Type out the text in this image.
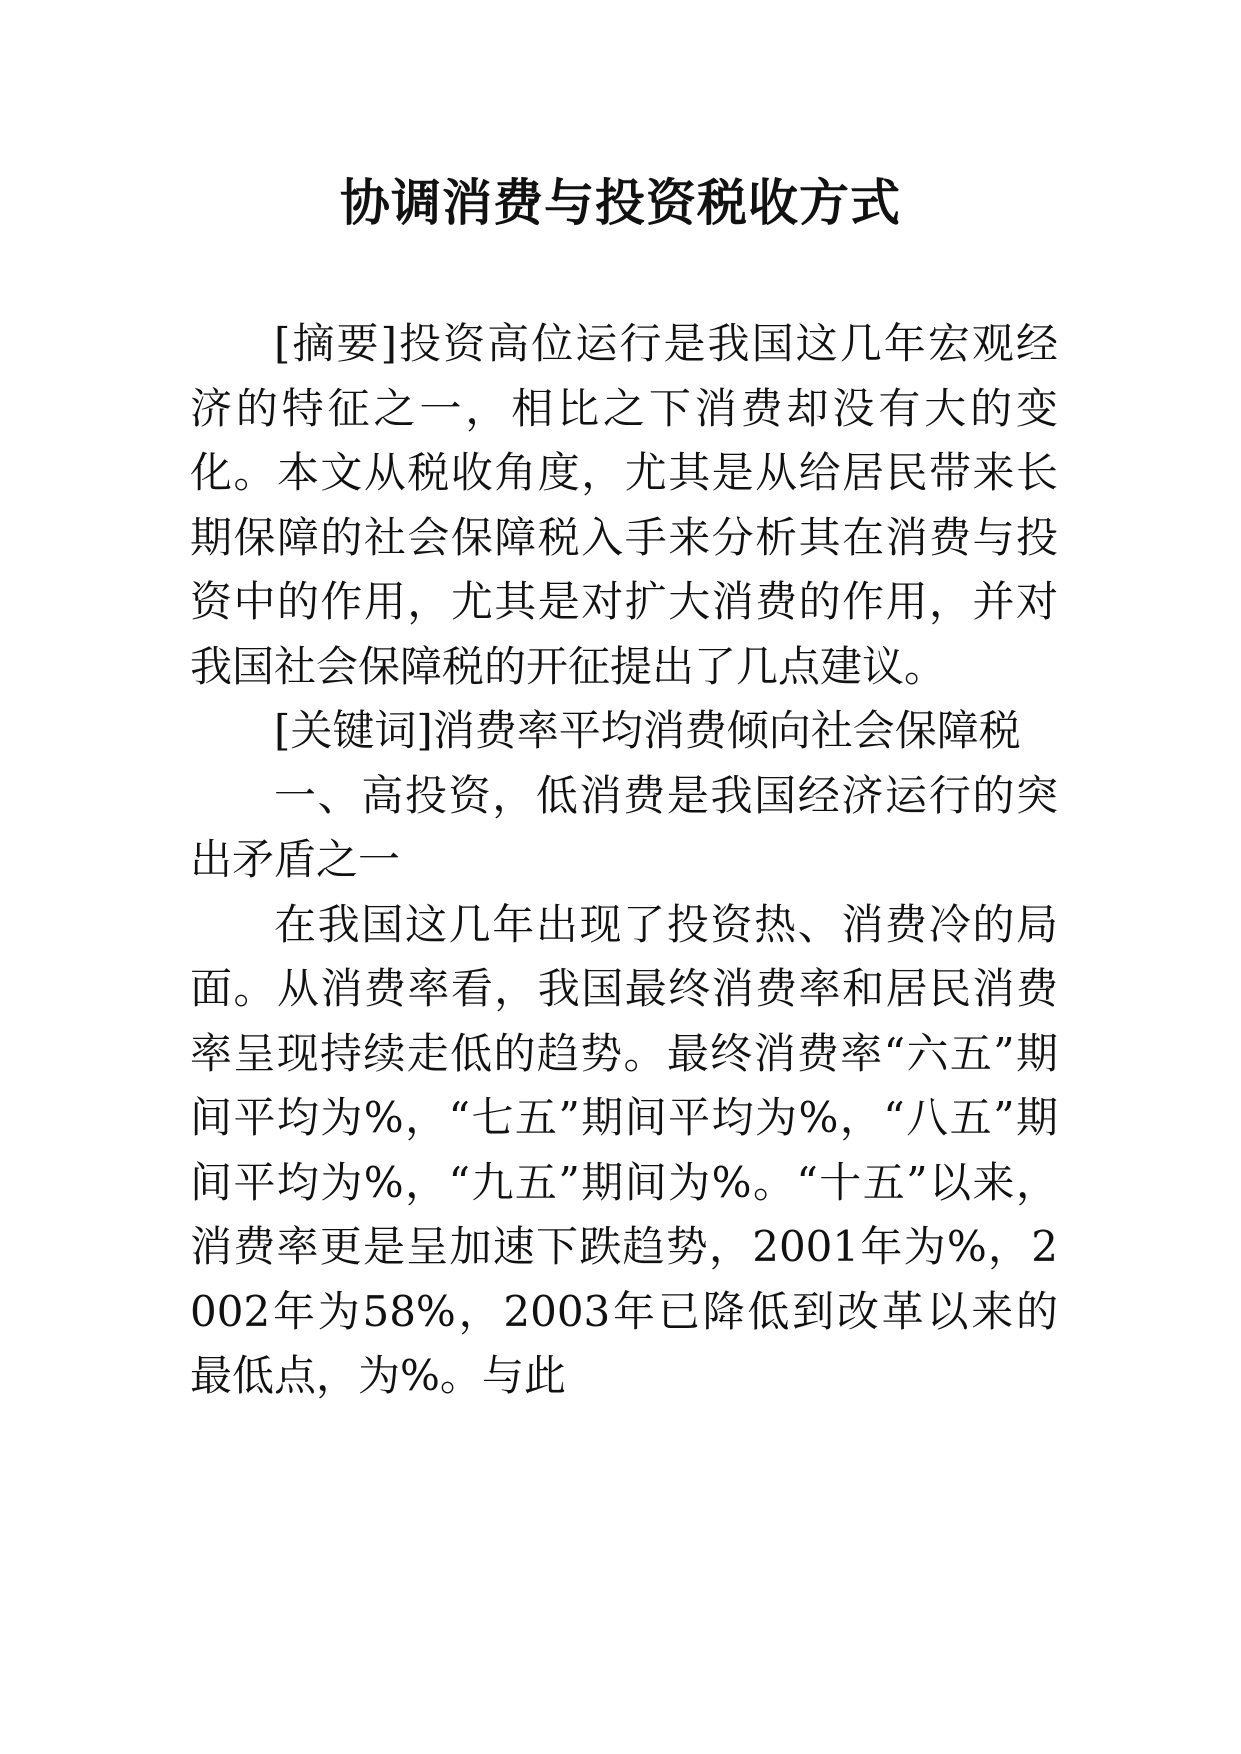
协调消费与投资税收方式

[摘要]投资高位运行是我国这几年宏观经济的特征之一，相比之下消费却没有大的变化。本文从税收角度，尤其是从给居民带来长期保障的社会保障税入手来分析其在消费与投资中的作用，尤其是对扩大消费的作用，并对我国社会保障税的开征提出了几点建议。

[关键词]消费率平均消费倾向社会保障税

一、高投资，低消费是我国经济运行的突出矛盾之一

在我国这几年出现了投资热、消费冷的局面。从消费率看，我国最终消费率和居民消费率呈现持续走低的趋势。最终消费率“六五”期间平均为%，“七五”期间平均为%，“八五”期间平均为%，“九五”期间为%。“十五”以来，消费率更是呈加速下跌趋势，2001年为%，2002年为58%，2003年已降低到改革以来的最低点，为%。与此
